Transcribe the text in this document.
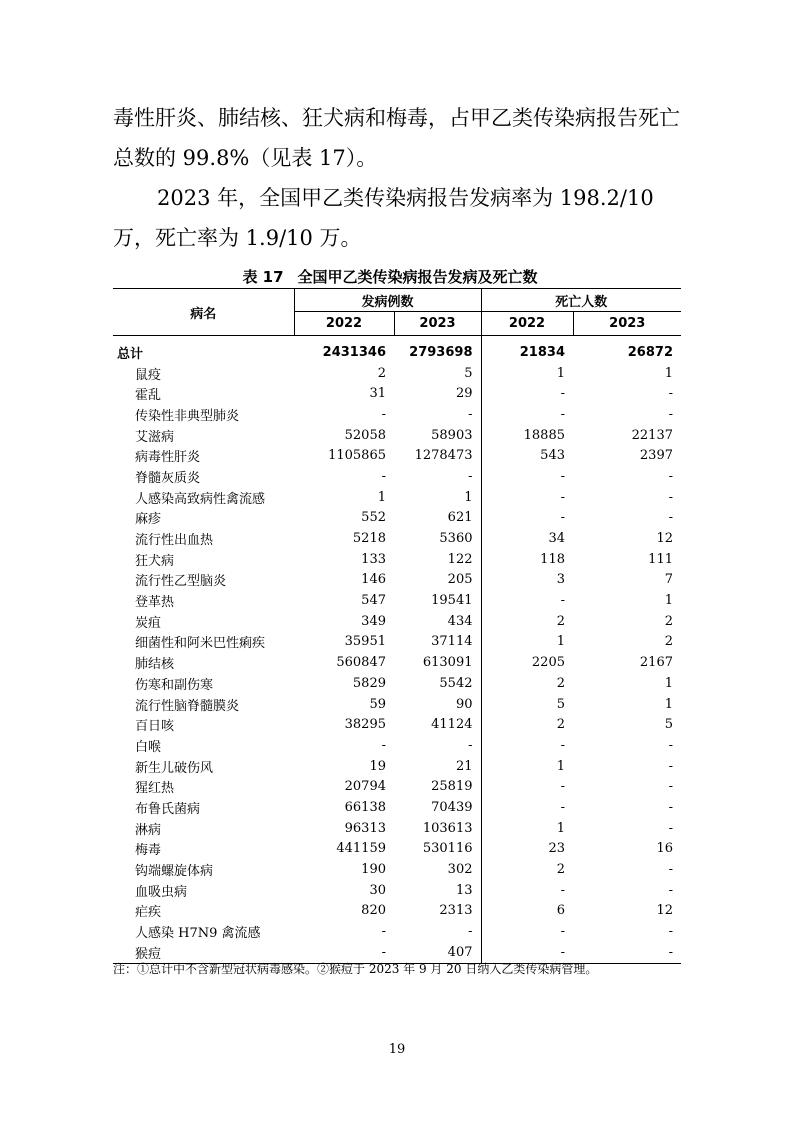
毒性肝炎、肺结核、狂犬病和梅毒，占甲乙类传染病报告死亡总数的 99.8%（见表 17）。

2023 年，全国甲乙类传染病报告发病率为 198.2/10 万，死亡率为 1.9/10 万。

表 17 全国甲乙类传染病报告发病及死亡数
病名	发病例数		死亡人数	
	2022	2023	2022	2023
总计	2431346	2793698	21834	26872
鼠疫	2	5	1	1
霍乱	31	29	-	-
传染性非典型肺炎	-	-	-	-
艾滋病	52058	58903	18885	22137
病毒性肝炎	1105865	1278473	543	2397
脊髓灰质炎	-	-	-	-
人感染高致病性禽流感	1	1	-	-
麻疹	552	621	-	-
流行性出血热	5218	5360	34	12
狂犬病	133	122	118	111
流行性乙型脑炎	146	205	3	7
登革热	547	19541	-	1
炭疽	349	434	2	2
细菌性和阿米巴性痢疾	35951	37114	1	2
肺结核	560847	613091	2205	2167
伤寒和副伤寒	5829	5542	2	1
流行性脑脊髓膜炎	59	90	5	1
百日咳	38295	41124	2	5
白喉	-	-	-	-
新生儿破伤风	19	21	1	-
猩红热	20794	25819	-	-
布鲁氏菌病	66138	70439	-	-
淋病	96313	103613	1	-
梅毒	441159	530116	23	16
钩端螺旋体病	190	302	2	-
血吸虫病	30	13	-	-
疟疾	820	2313	6	12
人感染 H7N9 禽流感	-	-	-	-
猴痘	-	407	-	-
注：①总计中不含新型冠状病毒感染。②猴痘于 2023 年 9 月 20 日纳入乙类传染病管理。
19
